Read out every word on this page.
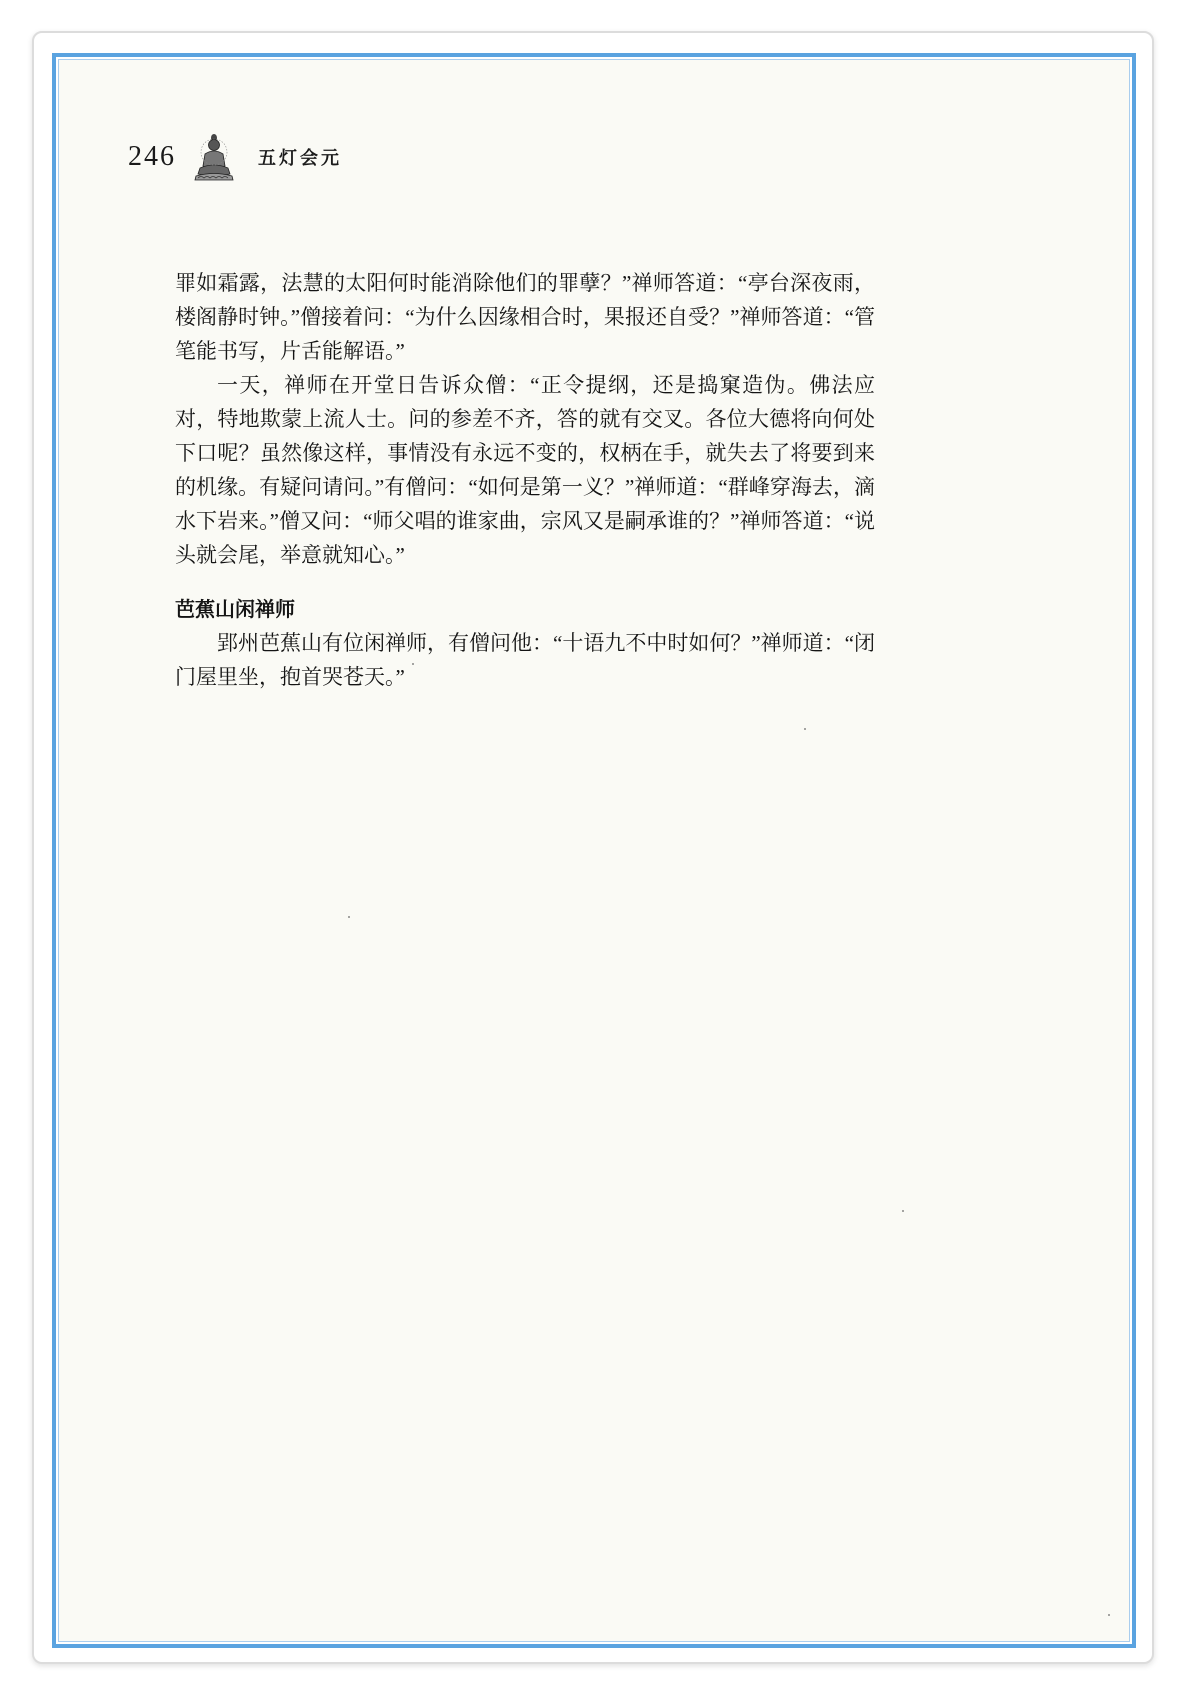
246	五灯会元

罪如霜露，法慧的太阳何时能消除他们的罪孽？”禅师答道：“亭台深夜雨，楼阁静时钟。”僧接着问：“为什么因缘相合时，果报还自受？”禅师答道：“管笔能书写，片舌能解语。”

一天，禅师在开堂日告诉众僧：“正令提纲，还是捣窠造伪。佛法应对，特地欺蒙上流人士。问的参差不齐，答的就有交叉。各位大德将向何处下口呢？虽然像这样，事情没有永远不变的，权柄在手，就失去了将要到来的机缘。有疑问请问。”有僧问：“如何是第一义？”禅师道：“群峰穿海去，滴水下岩来。”僧又问：“师父唱的谁家曲，宗风又是嗣承谁的？”禅师答道：“说头就会尾，举意就知心。”

芭蕉山闲禅师

郢州芭蕉山有位闲禅师，有僧问他：“十语九不中时如何？”禅师道：“闭门屋里坐，抱首哭苍天。”
